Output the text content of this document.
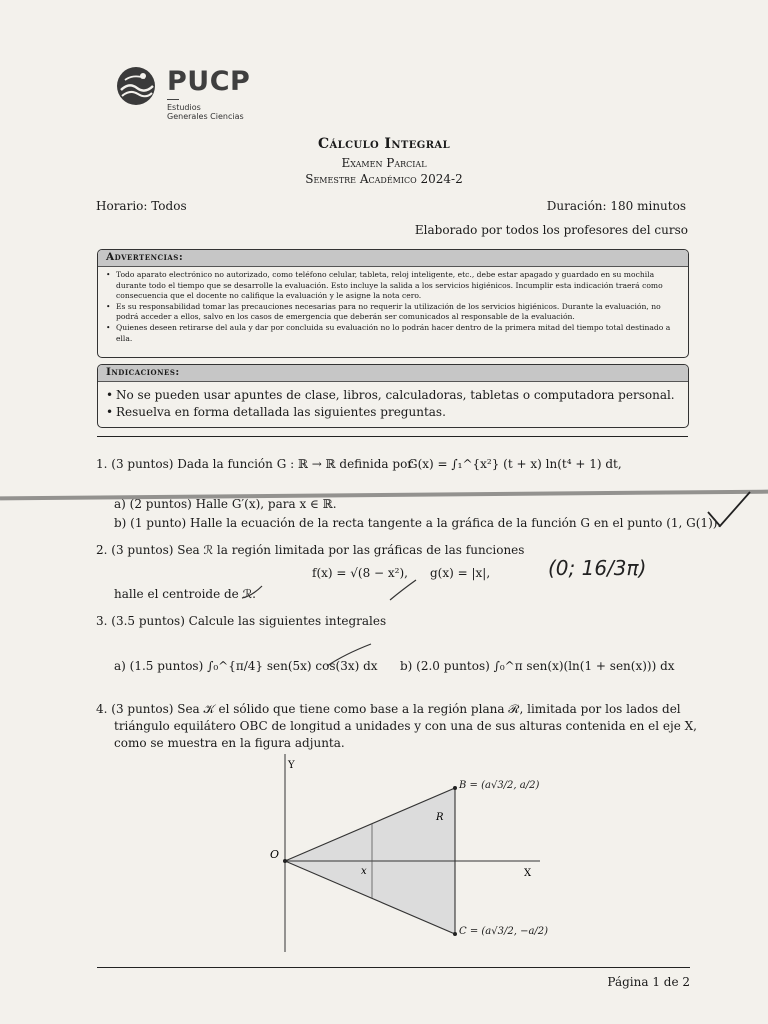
PUCP
Estudios
Generales Ciencias
Cálculo Integral
Examen Parcial
Semestre Académico 2024-2
Horario: Todos	Duración: 180 minutos
Elaborado por todos los profesores del curso
Advertencias:
• Todo aparato electrónico no autorizado, como teléfono celular, tableta, reloj inteligente, etc., debe estar apagado y guardado en su mochila durante todo el tiempo que se desarrolle la evaluación. Esto incluye la salida a los servicios higiénicos. Incumplir esta indicación traerá como consecuencia que el docente no califique la evaluación y le asigne la nota cero.
• Es su responsabilidad tomar las precauciones necesarias para no requerir la utilización de los servicios higiénicos. Durante la evaluación, no podrá acceder a ellos, salvo en los casos de emergencia que deberán ser comunicados al responsable de la evaluación.
• Quienes deseen retirarse del aula y dar por concluida su evaluación no lo podrán hacer dentro de la primera mitad del tiempo total destinado a ella.
Indicaciones:
• No se pueden usar apuntes de clase, libros, calculadoras, tabletas o computadora personal.
• Resuelva en forma detallada las siguientes preguntas.
1. (3 puntos) Dada la función G : ℝ → ℝ definida por
G(x) = ∫₁^{x²} (t + x) ln(t⁴ + 1) dt,
a) (2 puntos) Halle G′(x), para x ∈ ℝ.
b) (1 punto) Halle la ecuación de la recta tangente a la gráfica de la función G en el punto (1, G(1)).
2. (3 puntos) Sea ℛ la región limitada por las gráficas de las funciones
f(x) = √(8 − x²), g(x) = |x|,
halle el centroide de ℛ.
(0; 16/3π)
3. (3.5 puntos) Calcule las siguientes integrales
a) (1.5 puntos) ∫₀^{π/4} sen(5x) cos(3x) dx b) (2.0 puntos) ∫₀^π sen(x)(ln(1 + sen(x))) dx
4. (3 puntos) Sea 𝒦 el sólido que tiene como base a la región plana ℛ, limitada por los lados del
triángulo equilátero OBC de longitud a unidades y con una de sus alturas contenida en el eje X,
como se muestra en la figura adjunta.
Y
X
O
R
x
B = (a√3/2, a/2)
C = (a√3/2, −a/2)
Página 1 de 2
